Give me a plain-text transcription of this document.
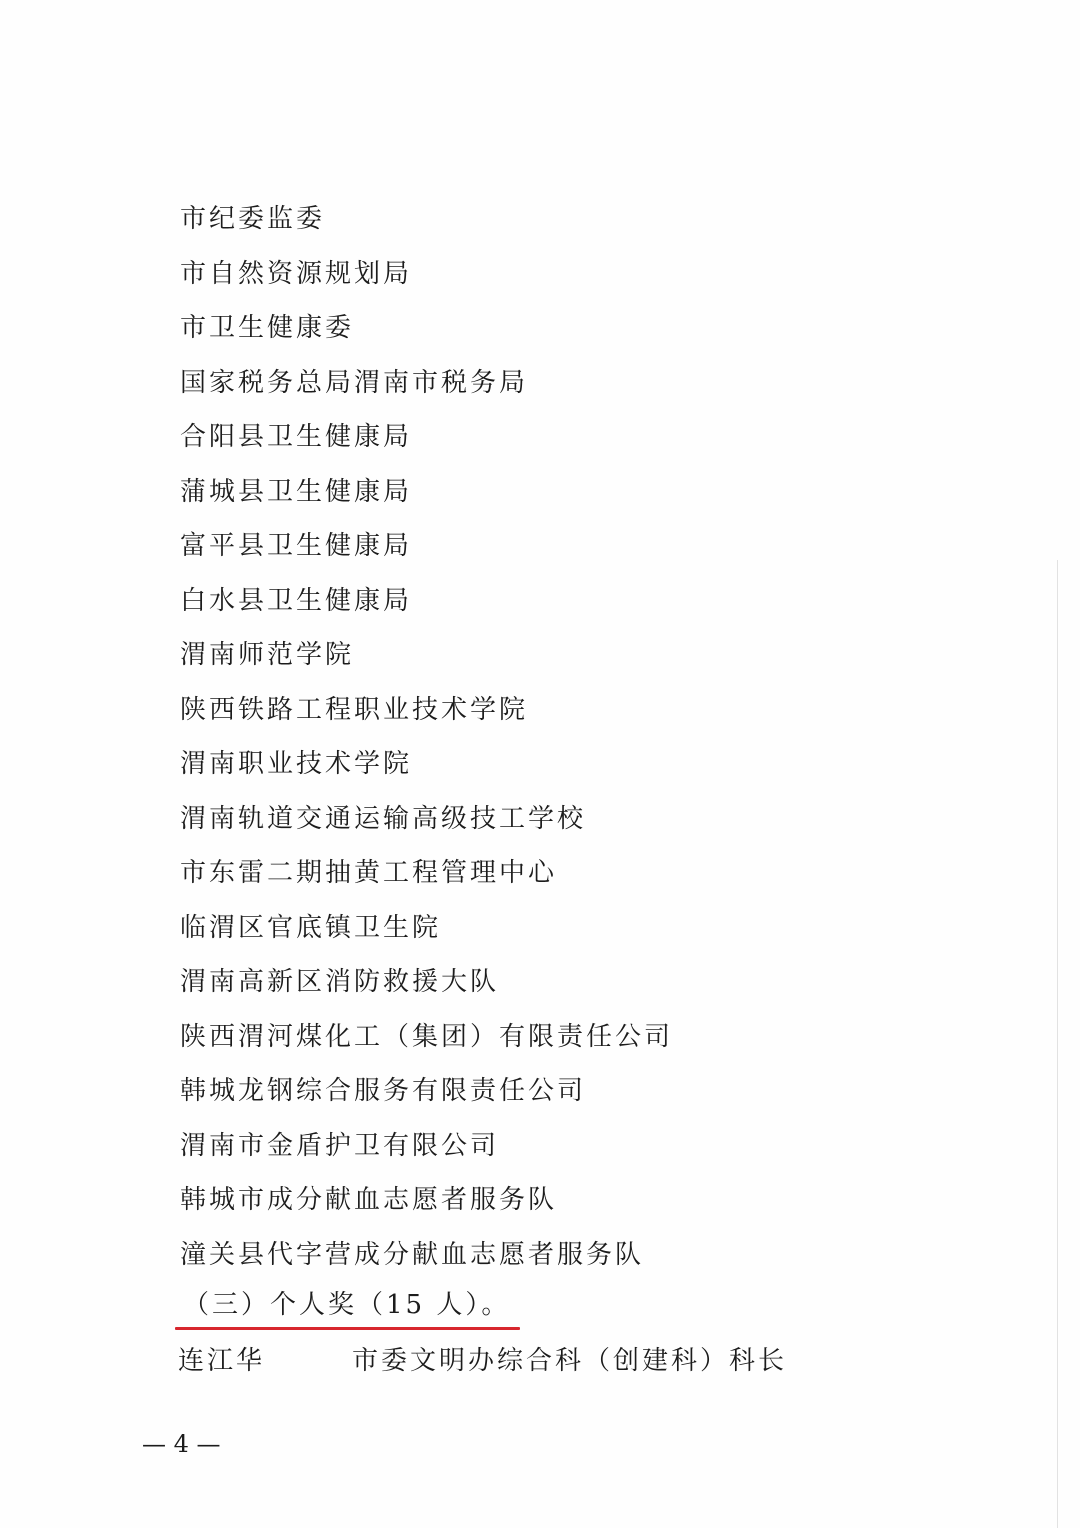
市纪委监委
市自然资源规划局
市卫生健康委
国家税务总局渭南市税务局
合阳县卫生健康局
蒲城县卫生健康局
富平县卫生健康局
白水县卫生健康局
渭南师范学院
陕西铁路工程职业技术学院
渭南职业技术学院
渭南轨道交通运输高级技工学校
市东雷二期抽黄工程管理中心
临渭区官底镇卫生院
渭南高新区消防救援大队
陕西渭河煤化工（集团）有限责任公司
韩城龙钢综合服务有限责任公司
渭南市金盾护卫有限公司
韩城市成分献血志愿者服务队
潼关县代字营成分献血志愿者服务队
（三）个人奖（15 人）。
连江华	市委文明办综合科（创建科）科长
— 4 —
